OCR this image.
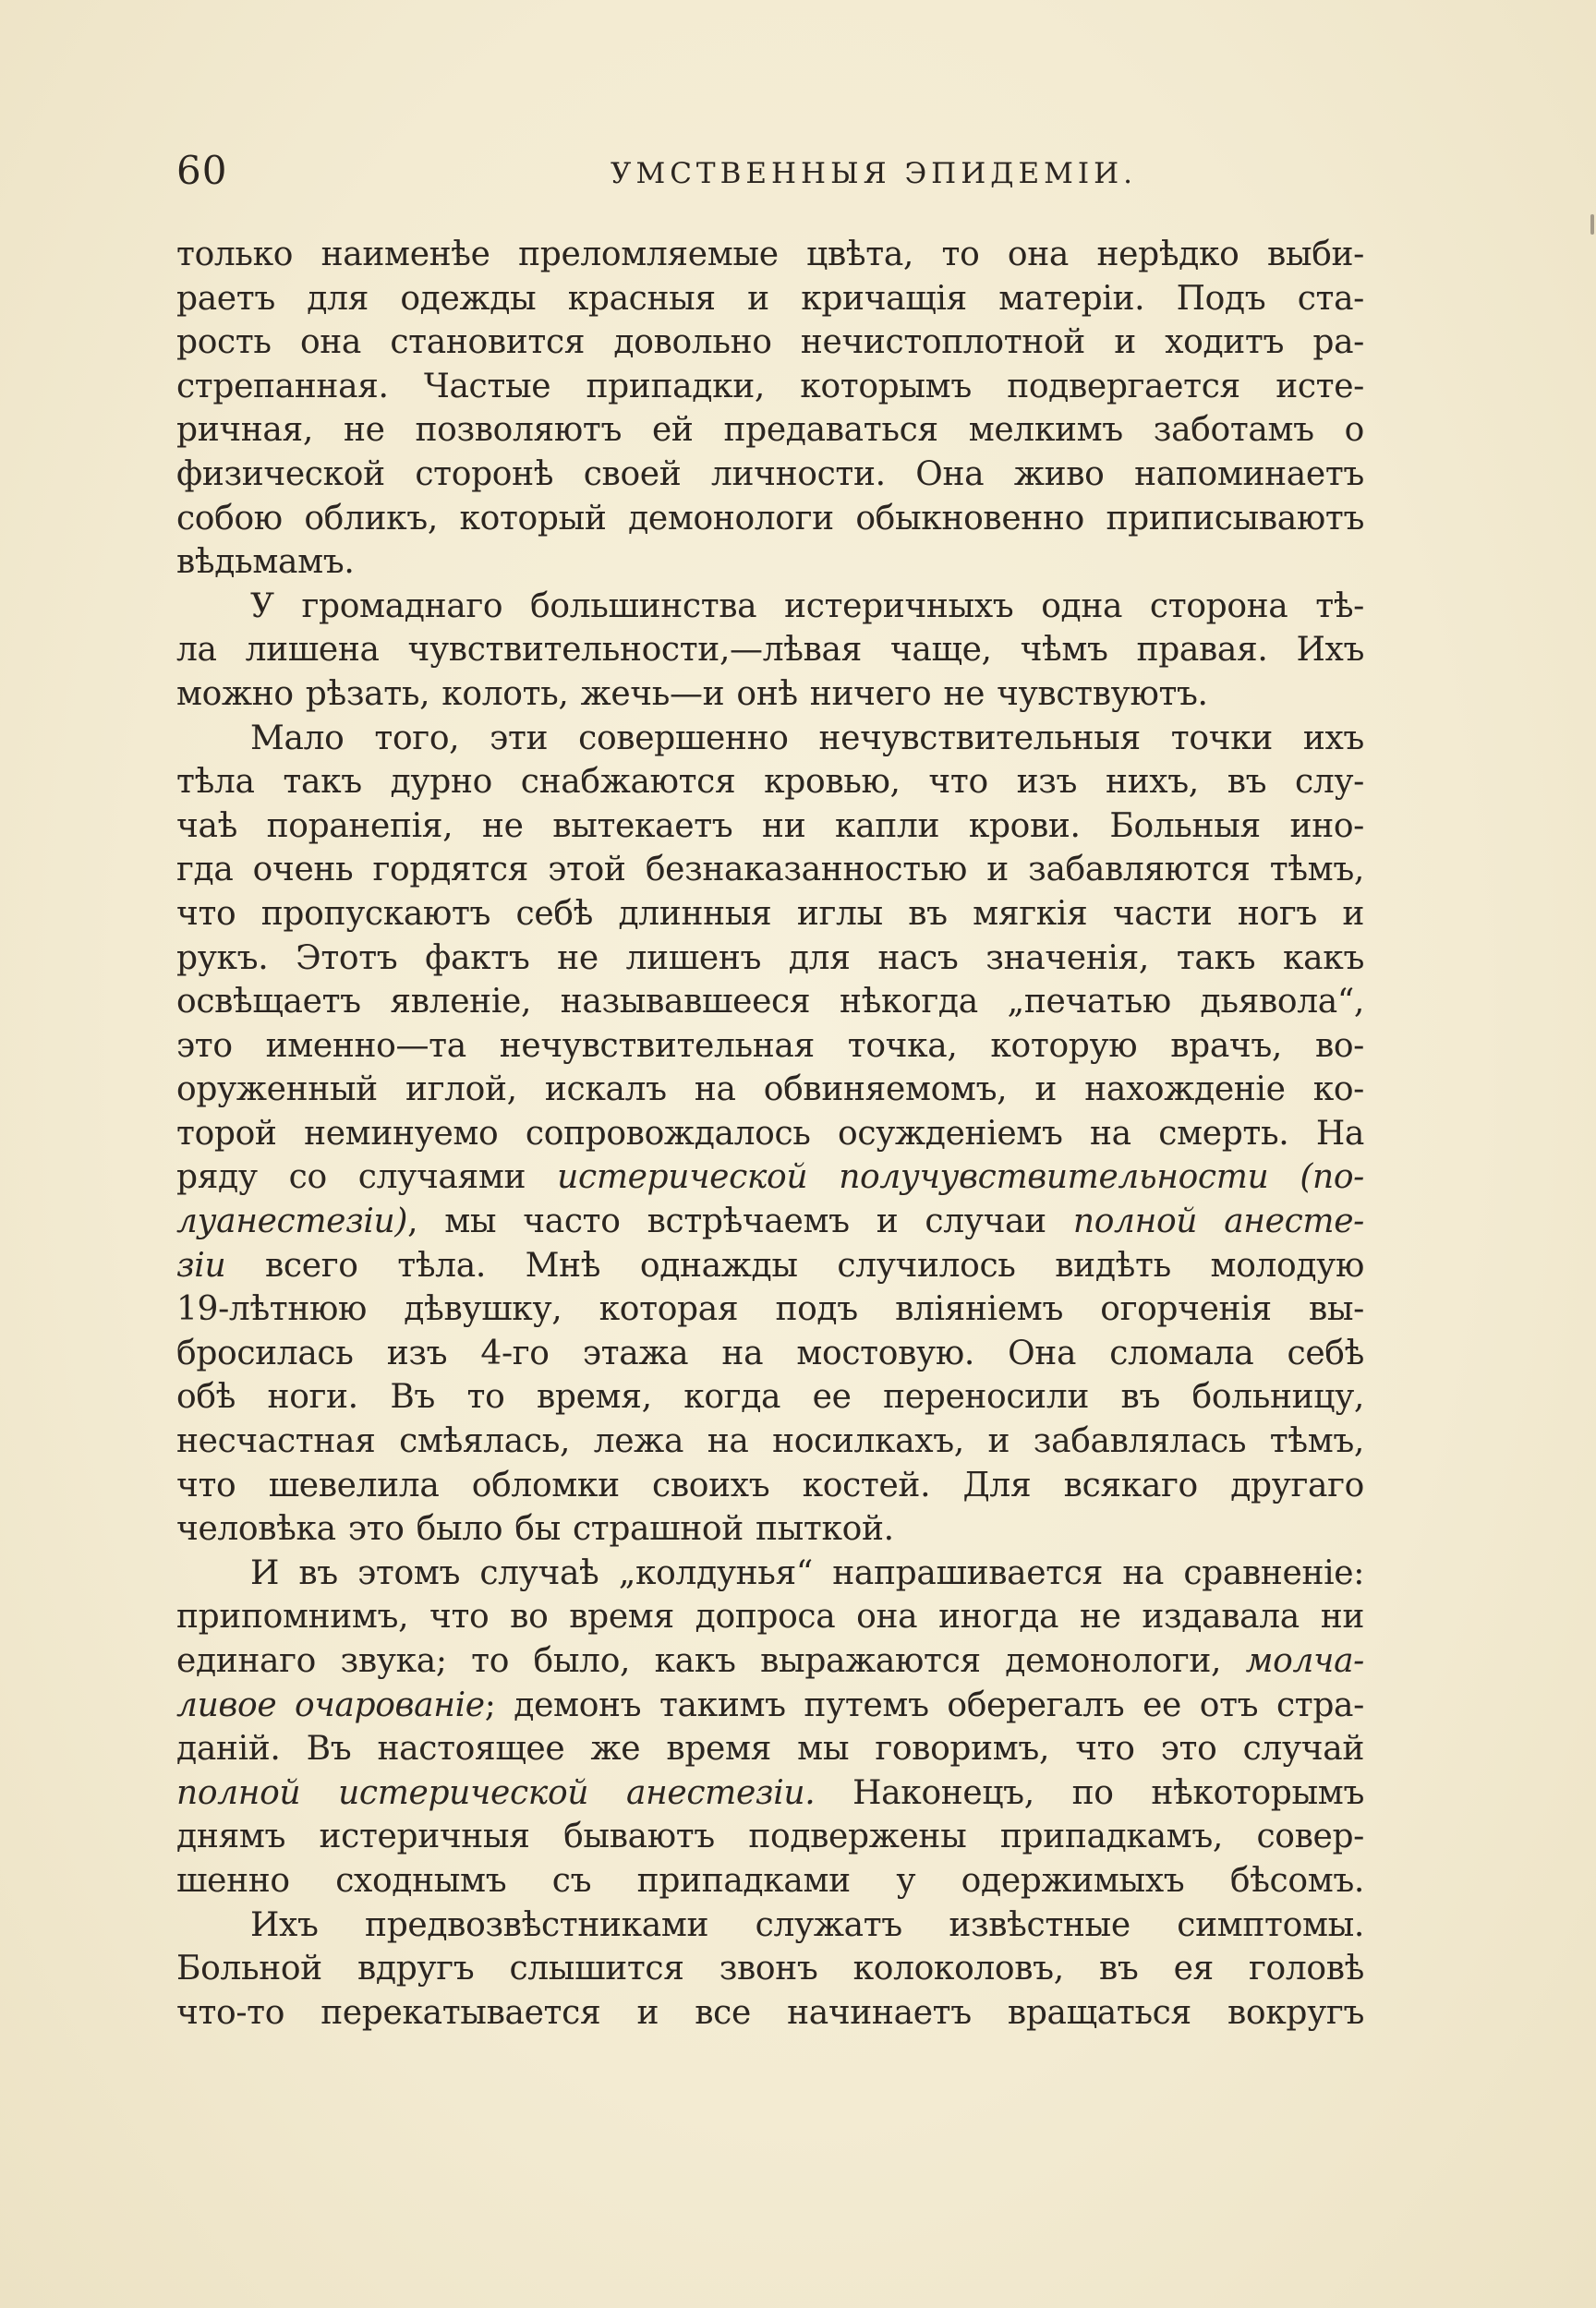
60	УМСТВЕННЫЯ ЭПИДЕМIИ.
только наименѣе преломляемые цвѣта, то она нерѣдко выби-
раетъ для одежды красныя и кричащiя матерiи. Подъ ста-
рость она становится довольно нечистоплотной и ходитъ ра-
стрепанная. Частые припадки, которымъ подвергается исте-
ричная, не позволяютъ ей предаваться мелкимъ заботамъ о
физической сторонѣ своей личности. Она живо напоминаетъ
собою обликъ, который демонологи обыкновенно приписываютъ
вѣдьмамъ.
У громаднаго большинства истеричныхъ одна сторона тѣ-
ла лишена чувствительности,—лѣвая чаще, чѣмъ правая. Ихъ
можно рѣзать, колоть, жечь—и онѣ ничего не чувствуютъ.
Мало того, эти совершенно нечувствительныя точки ихъ
тѣла такъ дурно снабжаются кровью, что изъ нихъ, въ слу-
чаѣ поранепiя, не вытекаетъ ни капли крови. Больныя ино-
гда очень гордятся этой безнаказанностью и забавляются тѣмъ,
что пропускаютъ себѣ длинныя иглы въ мягкiя части ногъ и
рукъ. Этотъ фактъ не лишенъ для насъ значенiя, такъ какъ
освѣщаетъ явленiе, называвшееся нѣкогда „печатью дьявола“,
это именно—та нечувствительная точка, которую врачъ, во-
оруженный иглой, искалъ на обвиняемомъ, и нахожденiе ко-
торой неминуемо сопровождалось осужденiемъ на смерть. На
ряду со случаями истерической получувствительности (по-
луанестезiи), мы часто встрѣчаемъ и случаи полной анесте-
зiи всего тѣла. Мнѣ однажды случилось видѣть молодую
19-лѣтнюю дѣвушку, которая подъ влiянiемъ огорченiя вы-
бросилась изъ 4-го этажа на мостовую. Она сломала себѣ
обѣ ноги. Въ то время, когда ее переносили въ больницу,
несчастная смѣялась, лежа на носилкахъ, и забавлялась тѣмъ,
что шевелила обломки своихъ костей. Для всякаго другаго
человѣка это было бы страшной пыткой.
И въ этомъ случаѣ „колдунья“ напрашивается на сравненiе:
припомнимъ, что во время допроса она иногда не издавала ни
единаго звука; то было, какъ выражаются демонологи, молча-
ливое очарованiе; демонъ такимъ путемъ оберегалъ ее отъ стра-
данiй. Въ настоящее же время мы говоримъ, что это случай
полной истерической анестезiи. Наконецъ, по нѣкоторымъ
днямъ истеричныя бываютъ подвержены припадкамъ, совер-
шенно сходнымъ съ припадками у одержимыхъ бѣсомъ.
Ихъ предвозвѣстниками служатъ извѣстные симптомы.
Больной вдругъ слышится звонъ колоколовъ, въ ея головѣ
что-то перекатывается и все начинаетъ вращаться вокругъ
